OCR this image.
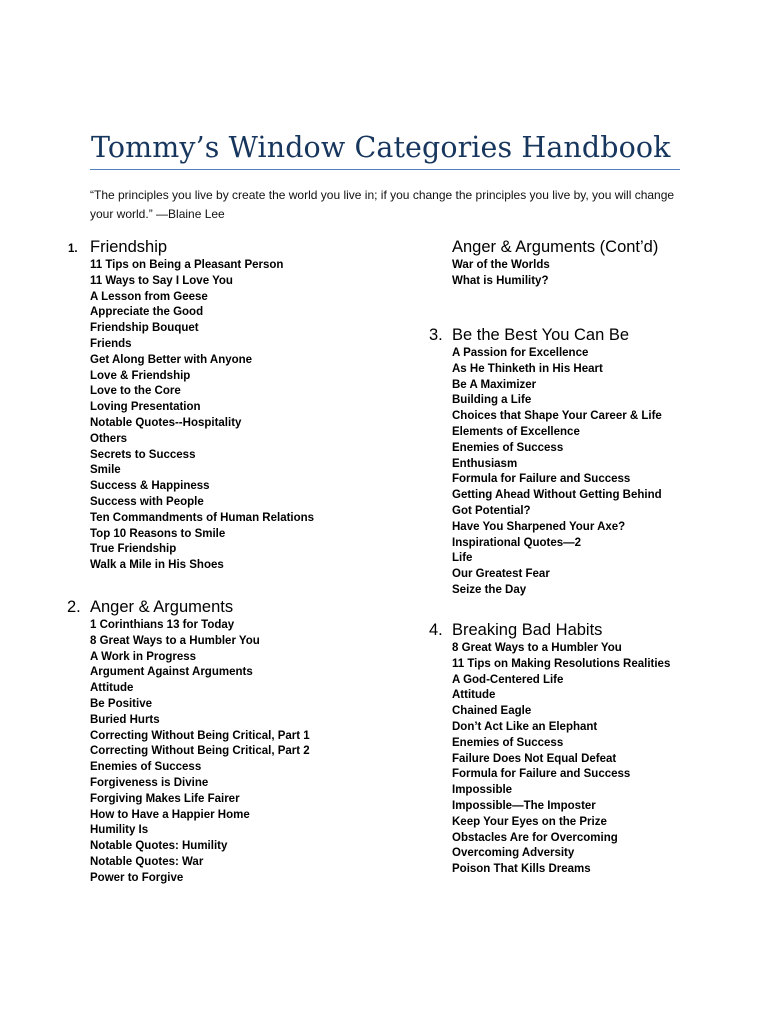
Tommy’s Window Categories Handbook

“The principles you live by create the world you live in; if you change the principles you live by, you will change your world.” —Blaine Lee

1. Friendship
11 Tips on Being a Pleasant Person
11 Ways to Say I Love You
A Lesson from Geese
Appreciate the Good
Friendship Bouquet
Friends
Get Along Better with Anyone
Love & Friendship
Love to the Core
Loving Presentation
Notable Quotes--Hospitality
Others
Secrets to Success
Smile
Success & Happiness
Success with People
Ten Commandments of Human Relations
Top 10 Reasons to Smile
True Friendship
Walk a Mile in His Shoes
2. Anger & Arguments
1 Corinthians 13 for Today
8 Great Ways to a Humbler You
A Work in Progress
Argument Against Arguments
Attitude
Be Positive
Buried Hurts
Correcting Without Being Critical, Part 1
Correcting Without Being Critical, Part 2
Enemies of Success
Forgiveness is Divine
Forgiving Makes Life Fairer
How to Have a Happier Home
Humility Is
Notable Quotes: Humility
Notable Quotes: War
Power to Forgive
Anger & Arguments (Cont’d)
War of the Worlds
What is Humility?
3. Be the Best You Can Be
A Passion for Excellence
As He Thinketh in His Heart
Be A Maximizer
Building a Life
Choices that Shape Your Career & Life
Elements of Excellence
Enemies of Success
Enthusiasm
Formula for Failure and Success
Getting Ahead Without Getting Behind
Got Potential?
Have You Sharpened Your Axe?
Inspirational Quotes—2
Life
Our Greatest Fear
Seize the Day
4. Breaking Bad Habits
8 Great Ways to a Humbler You
11 Tips on Making Resolutions Realities
A God-Centered Life
Attitude
Chained Eagle
Don’t Act Like an Elephant
Enemies of Success
Failure Does Not Equal Defeat
Formula for Failure and Success
Impossible
Impossible—The Imposter
Keep Your Eyes on the Prize
Obstacles Are for Overcoming
Overcoming Adversity
Poison That Kills Dreams
